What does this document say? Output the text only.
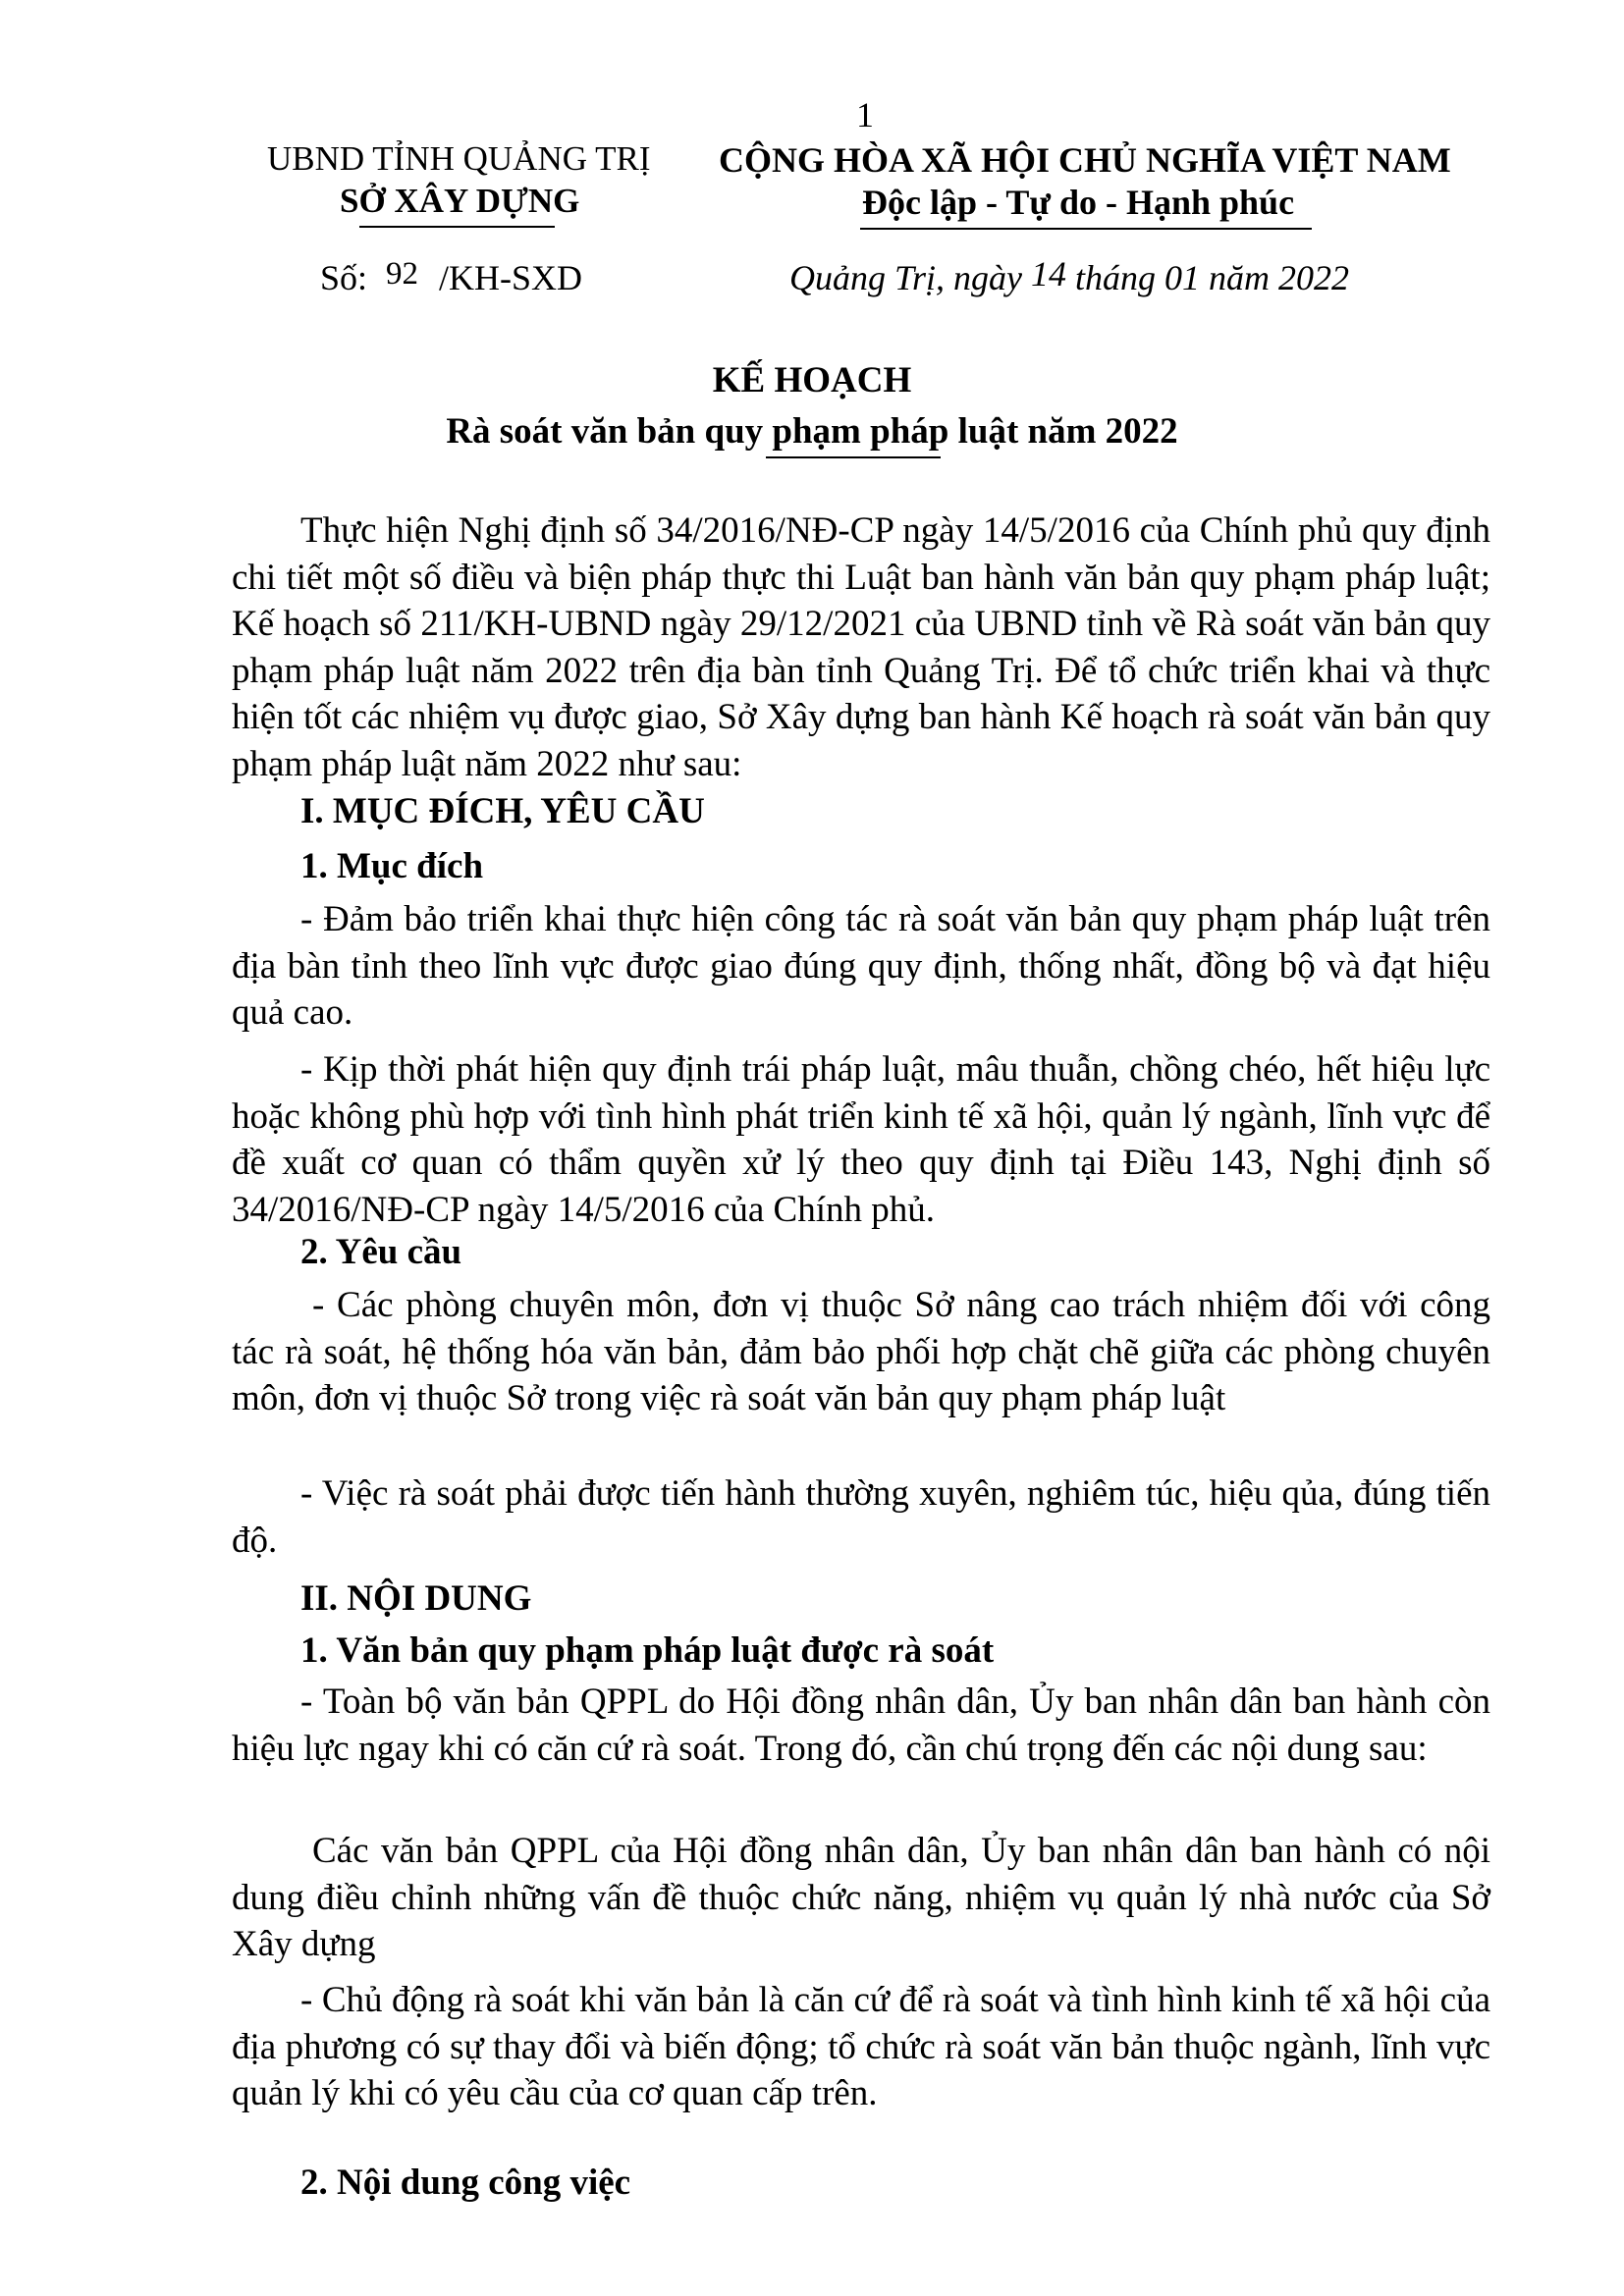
1
UBND TỈNH QUẢNG TRỊ
SỞ XÂY DỰNG
CỘNG HÒA XÃ HỘI CHỦ NGHĨA VIỆT NAM
Độc lập - Tự do - Hạnh phúc
Số: 92 /KH-SXD	Quảng Trị, ngày 14 tháng 01 năm 2022
KẾ HOẠCH
Rà soát văn bản quy phạm pháp luật năm 2022

Thực hiện Nghị định số 34/2016/NĐ-CP ngày 14/5/2016 của Chính phủ quy định chi tiết một số điều và biện pháp thực thi Luật ban hành văn bản quy phạm pháp luật; Kế hoạch số 211/KH-UBND ngày 29/12/2021 của UBND tỉnh về Rà soát văn bản quy phạm pháp luật năm 2022 trên địa bàn tỉnh Quảng Trị. Để tổ chức triển khai và thực hiện tốt các nhiệm vụ được giao, Sở Xây dựng ban hành Kế hoạch rà soát văn bản quy phạm pháp luật năm 2022 như sau:

I. MỤC ĐÍCH, YÊU CẦU
1. Mục đích

- Đảm bảo triển khai thực hiện công tác rà soát văn bản quy phạm pháp luật trên địa bàn tỉnh theo lĩnh vực được giao đúng quy định, thống nhất, đồng bộ và đạt hiệu quả cao.

- Kịp thời phát hiện quy định trái pháp luật, mâu thuẫn, chồng chéo, hết hiệu lực hoặc không phù hợp với tình hình phát triển kinh tế xã hội, quản lý ngành, lĩnh vực để đề xuất cơ quan có thẩm quyền xử lý theo quy định tại Điều 143, Nghị định số 34/2016/NĐ-CP ngày 14/5/2016 của Chính phủ.

2. Yêu cầu

- Các phòng chuyên môn, đơn vị thuộc Sở nâng cao trách nhiệm đối với công tác rà soát, hệ thống hóa văn bản, đảm bảo phối hợp chặt chẽ giữa các phòng chuyên môn, đơn vị thuộc Sở trong việc rà soát văn bản quy phạm pháp luật

- Việc rà soát phải được tiến hành thường xuyên, nghiêm túc, hiệu qủa, đúng tiến độ.

II. NỘI DUNG
1. Văn bản quy phạm pháp luật được rà soát

- Toàn bộ văn bản QPPL do Hội đồng nhân dân, Ủy ban nhân dân ban hành còn hiệu lực ngay khi có căn cứ rà soát. Trong đó, cần chú trọng đến các nội dung sau:

Các văn bản QPPL của Hội đồng nhân dân, Ủy ban nhân dân ban hành có nội dung điều chỉnh những vấn đề thuộc chức năng, nhiệm vụ quản lý nhà nước của Sở Xây dựng

- Chủ động rà soát khi văn bản là căn cứ để rà soát và tình hình kinh tế xã hội của địa phương có sự thay đổi và biến động; tổ chức rà soát văn bản thuộc ngành, lĩnh vực quản lý khi có yêu cầu của cơ quan cấp trên.

2. Nội dung công việc
